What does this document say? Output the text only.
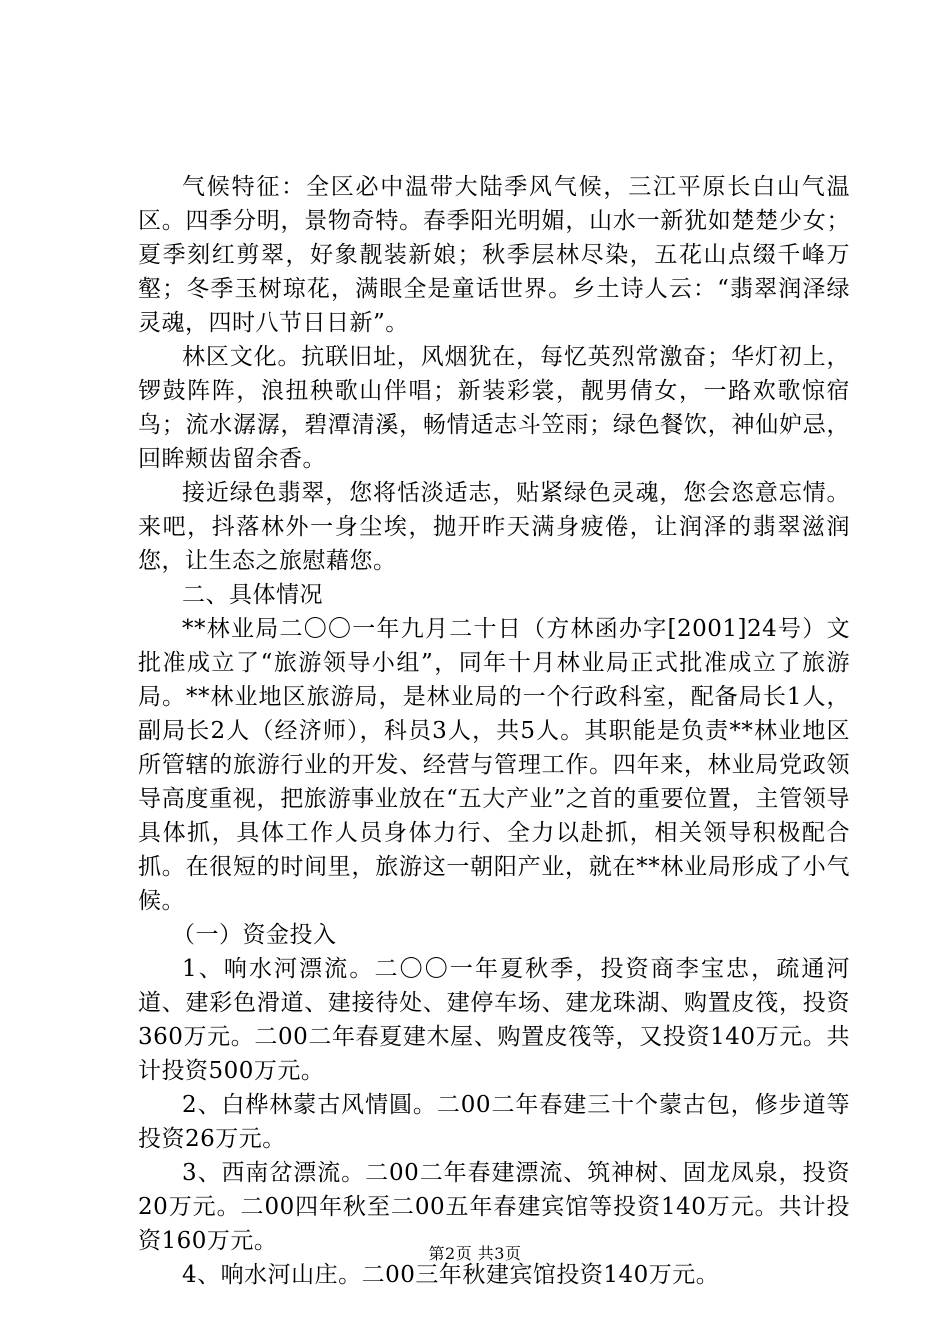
气候特征：全区必中温带大陆季风气候，三江平原长白山气温区。四季分明，景物奇特。春季阳光明媚，山水一新犹如楚楚少女；夏季刻红剪翠，好象靓装新娘；秋季层林尽染，五花山点缀千峰万壑；冬季玉树琼花，满眼全是童话世界。乡土诗人云：“翡翠润泽绿灵魂，四时八节日日新”。

林区文化。抗联旧址，风烟犹在，每忆英烈常激奋；华灯初上，锣鼓阵阵，浪扭秧歌山伴唱；新装彩裳，靓男倩女，一路欢歌惊宿鸟；流水潺潺，碧潭清溪，畅情适志斗笠雨；绿色餐饮，神仙妒忌，回眸颊齿留余香。

接近绿色翡翠，您将恬淡适志，贴紧绿色灵魂，您会恣意忘情。来吧，抖落林外一身尘埃，抛开昨天满身疲倦，让润泽的翡翠滋润您，让生态之旅慰藉您。

二、具体情况

**林业局二〇〇一年九月二十日（方林函办字[2001]24号）文批准成立了“旅游领导小组”，同年十月林业局正式批准成立了旅游局。**林业地区旅游局，是林业局的一个行政科室，配备局长1人，副局长2人（经济师），科员3人，共5人。其职能是负责**林业地区所管辖的旅游行业的开发、经营与管理工作。四年来，林业局党政领导高度重视，把旅游事业放在“五大产业”之首的重要位置，主管领导具体抓，具体工作人员身体力行、全力以赴抓，相关领导积极配合抓。在很短的时间里，旅游这一朝阳产业，就在**林业局形成了小气候。

（一）资金投入

1、响水河漂流。二〇〇一年夏秋季，投资商李宝忠，疏通河道、建彩色滑道、建接待处、建停车场、建龙珠湖、购置皮筏，投资360万元。二00二年春夏建木屋、购置皮筏等，又投资140万元。共计投资500万元。

2、白桦林蒙古风情圓。二00二年春建三十个蒙古包，修步道等投资26万元。

3、西南岔漂流。二00二年春建漂流、筑神树、固龙凤泉，投资20万元。二00四年秋至二00五年春建宾馆等投资140万元。共计投资160万元。

4、响水河山庄。二00三年秋建宾馆投资140万元。

第2页 共3页
